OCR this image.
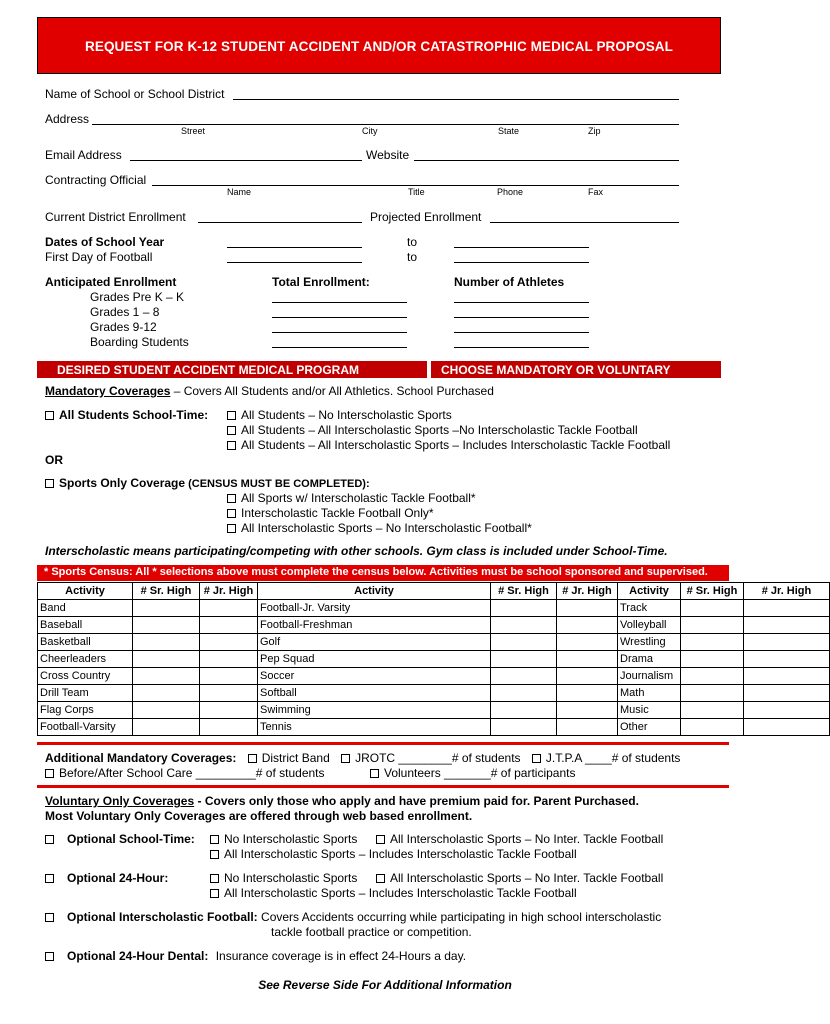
REQUEST FOR K-12 STUDENT ACCIDENT AND/OR CATASTROPHIC MEDICAL PROPOSAL
Name of School or School District
Address
Street	City	State	Zip
Email Address	Website
Contracting Official
Name	Title	Phone	Fax
Current District Enrollment	Projected Enrollment
Dates of School Year	to
First Day of Football	to
Anticipated Enrollment	Total Enrollment:	Number of Athletes
Grades Pre K – K
Grades 1 – 8
Grades 9-12
Boarding Students
DESIRED STUDENT ACCIDENT MEDICAL PROGRAM	CHOOSE MANDATORY OR VOLUNTARY
Mandatory Coverages – Covers All Students and/or All Athletics. School Purchased
All Students School-Time:	All Students – No Interscholastic Sports
All Students – All Interscholastic Sports –No Interscholastic Tackle Football
All Students – All Interscholastic Sports – Includes Interscholastic Tackle Football
OR
Sports Only Coverage (CENSUS MUST BE COMPLETED):
All Sports w/ Interscholastic Tackle Football*
Interscholastic Tackle Football Only*
All Interscholastic Sports – No Interscholastic Football*
Interscholastic means participating/competing with other schools. Gym class is included under School-Time.
* Sports Census: All * selections above must complete the census below. Activities must be school sponsored and supervised.
Activity	# Sr. High	# Jr. High	Activity	# Sr. High	# Jr. High	Activity	# Sr. High	# Jr. High
Band			Football-Jr. Varsity			Track		
Baseball			Football-Freshman			Volleyball		
Basketball			Golf			Wrestling		
Cheerleaders			Pep Squad			Drama		
Cross Country			Soccer			Journalism		
Drill Team			Softball			Math		
Flag Corps			Swimming			Music		
Football-Varsity			Tennis			Other		
Additional Mandatory Coverages: District Band JROTC ________# of students J.T.P.A ____# of students
Before/After School Care _________# of students	Volunteers _______# of participants
Voluntary Only Coverages - Covers only those who apply and have premium paid for. Parent Purchased.
Most Voluntary Only Coverages are offered through web based enrollment.
Optional School-Time:	No Interscholastic Sports	All Interscholastic Sports – No Inter. Tackle Football
All Interscholastic Sports – Includes Interscholastic Tackle Football
Optional 24-Hour:	No Interscholastic Sports	All Interscholastic Sports – No Inter. Tackle Football
All Interscholastic Sports – Includes Interscholastic Tackle Football
Optional Interscholastic Football: Covers Accidents occurring while participating in high school interscholastic
tackle football practice or competition.
Optional 24-Hour Dental: Insurance coverage is in effect 24-Hours a day.
See Reverse Side For Additional Information
